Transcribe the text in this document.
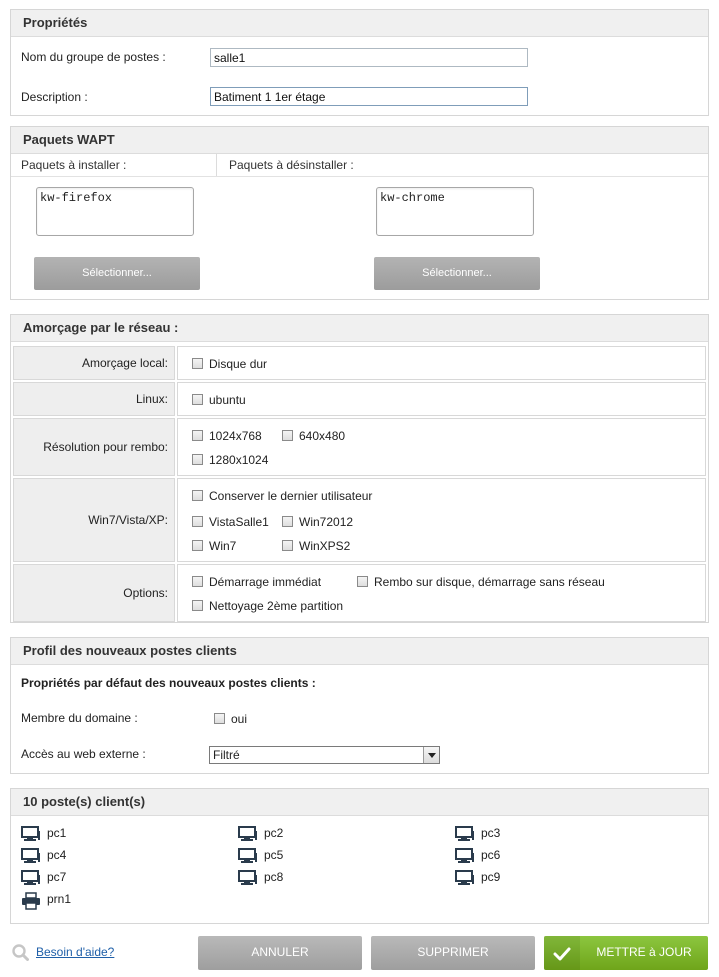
Propriétés
Nom du groupe de postes :
salle1
Description :
Batiment 1 1er étage
Paquets WAPT
Paquets à installer :	Paquets à désinstaller :
kw-firefox	kw-chrome
Sélectionner...	Sélectionner...
Amorçage par le réseau :
Amorçage local:	Disque dur
Linux:	ubuntu
Résolution pour rembo:
1024x768	640x480
1280x1024
Win7/Vista/XP:
Conserver le dernier utilisateur
VistaSalle1	Win72012
Win7	WinXPS2
Options:
Démarrage immédiat	Rembo sur disque, démarrage sans réseau
Nettoyage 2ème partition
Profil des nouveaux postes clients
Propriétés par défaut des nouveaux postes clients :
Membre du domaine :	oui
Accès au web externe :	Filtré
10 poste(s) client(s)
pc1	pc2	pc3
pc4	pc5	pc6
pc7	pc8	pc9
prn1
Besoin d'aide?	ANNULER	SUPPRIMER	METTRE à JOUR
